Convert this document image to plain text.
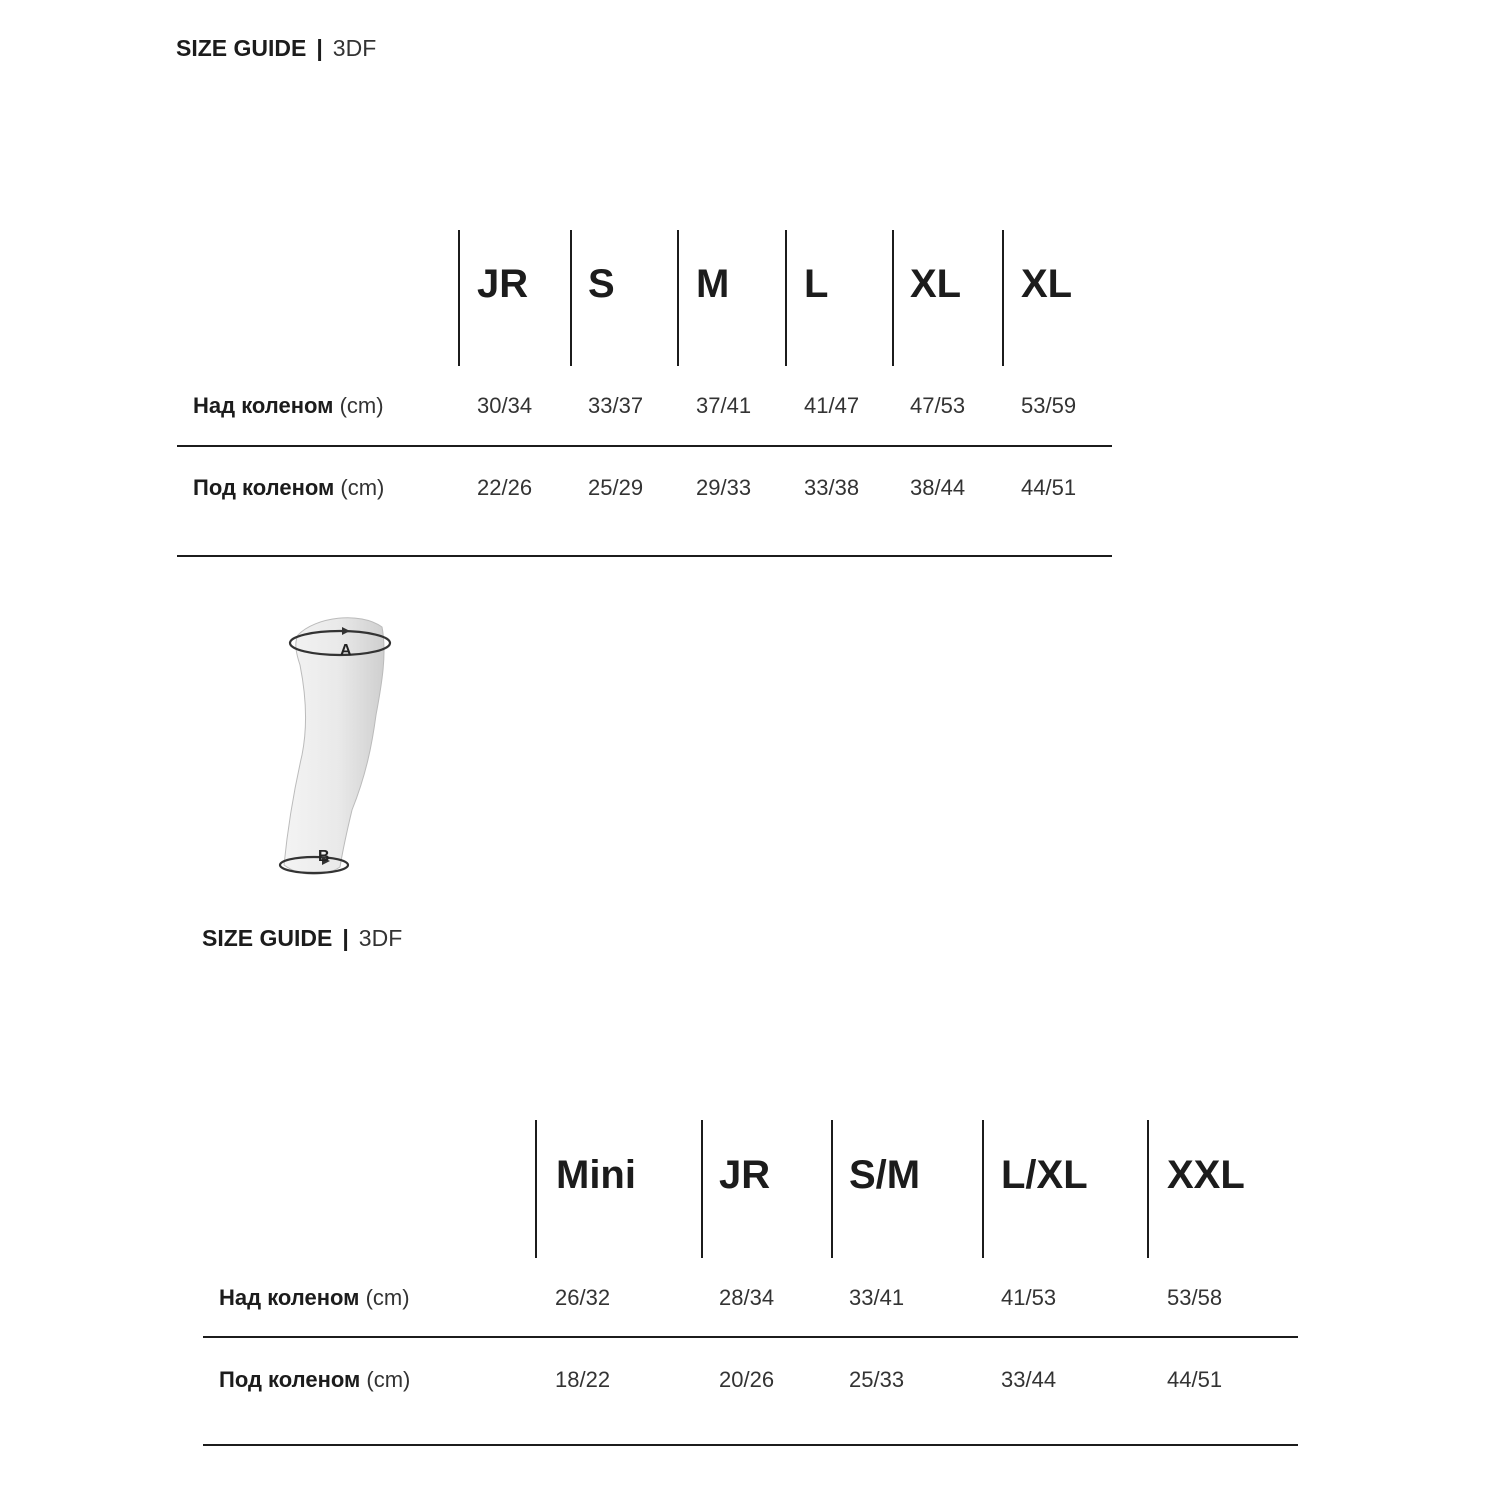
SIZE GUIDE | 3DF
JR S M L XL XL
Над коленом (cm)	30/34	33/37 37/41 41/47 47/53	53/59
Под коленом (cm)	22/26	25/29 29/33 33/38 38/44	44/51
A
B
SIZE GUIDE | 3DF
Mini JR S/M L/XL XXL
Над коленом (cm)	26/32	28/34	33/41	41/53	53/58
Под коленом (cm)	18/22	20/26	25/33	33/44	44/51
